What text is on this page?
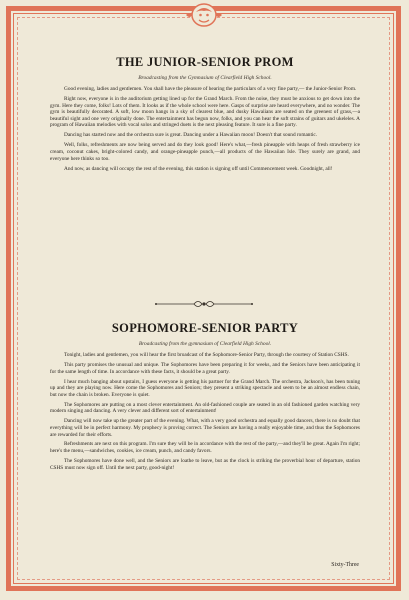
THE JUNIOR-SENIOR PROM
Broadcasting from the Gymnasium of Clearfield High School.

Good evening, ladies and gentlemen. You shall have the pleasure of hearing the particulars of a very fine party,— the Junior-Senior Prom.

Right now, everyone is in the auditorium getting lined up for the Grand March. From the noise, they must be anxious to get down into the gym. Here they come, folks! Lots of them. It looks as if the whole school were here. Gasps of surprise are heard everywhere, and no wonder. The gym is beautifully decorated. A soft, low moon hangs in a sky of clearest blue, and dusky Hawaiians are seated on the greenest of grass,—a beautiful sight and one very originally done. The entertainment has begun now, folks, and you can hear the soft strains of guitars and ukeleles. A program of Hawaiian melodies with vocal solos and stringed duets is the next pleasing feature. It sure is a fine party.

Dancing has started now and the orchestra sure is great. Dancing under a Hawaiian moon! Doesn't that sound romantic.

Well, folks, refreshments are now being served and do they look good! Here's what,—fresh pineapple with heaps of fresh strawberry ice cream, coconut cakes, bright-colored candy, and orange-pineapple punch,—all products of the Hawaiian Isle. They surely are grand, and everyone here thinks so too.

And now, as dancing will occupy the rest of the evening, this station is signing off until Commencement week. Goodnight, all!

SOPHOMORE-SENIOR PARTY
Broadcasting from the gymnasium of Clearfield High School.

Tonight, ladies and gentlemen, you will hear the first broadcast of the Sophomore-Senior Party, through the courtesy of Station CSHS.

This party promises the unusual and unique. The Sophomores have been preparing it for weeks, and the Seniors have been anticipating it for the same length of time. In accordance with these facts, it should be a great party.

I hear much banging about upstairs, I guess everyone is getting his partner for the Grand March. The orchestra, Jackson's, has been tuning up and they are playing now. Here come the Sophomores and Seniors; they present a striking spectacle and seem to be an almost endless chain, but now the chain is broken. Everyone is quiet.

The Sophomores are putting on a most clever entertainment. An old-fashioned couple are seated in an old fashioned garden watching very modern singing and dancing. A very clever and different sort of entertainment!

Dancing will now take up the greater part of the evening. What, with a very good orchestra and equally good dancers, there is no doubt that everything will be in perfect harmony. My prophecy is proving correct. The Seniors are having a really enjoyable time, and thus the Sophomores are rewarded for their efforts.

Refreshments are next on this program. I'm sure they will be in accordance with the rest of the party,—and they'll be great. Again I'm right; here's the menu,—sandwiches, cookies, ice cream, punch, and candy favors.

The Sophomores have done well, and the Seniors are loathe to leave, but as the clock is striking the proverbial hour of departure, station CSHS must now sign off. Until the next party, good-night!

Sixty-Three
